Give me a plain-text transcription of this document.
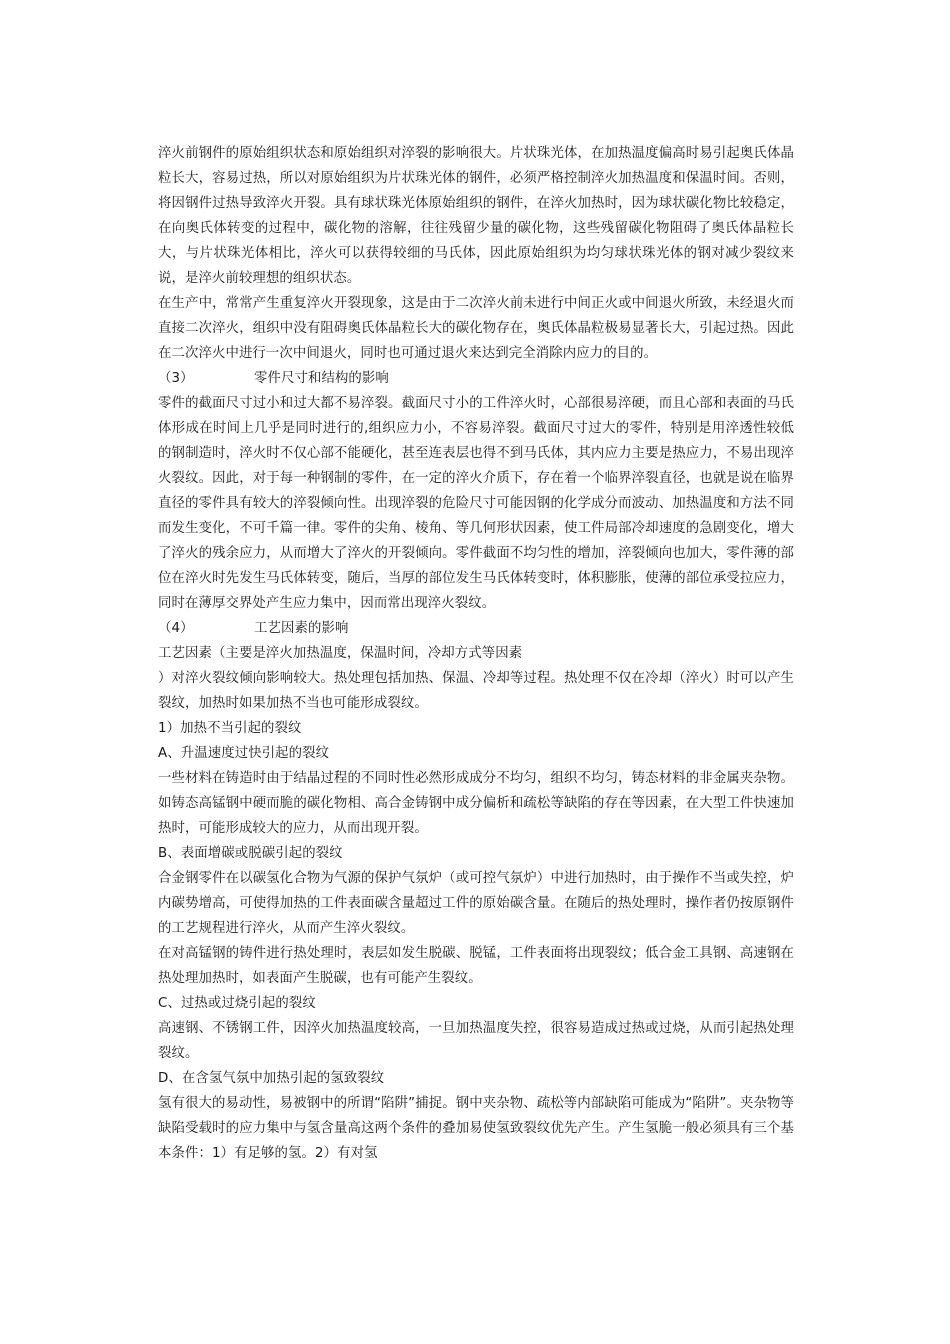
淬火前钢件的原始组织状态和原始组织对淬裂的影响很大。片状珠光体，在加热温度偏高时易引起奥氏体晶粒长大，容易过热，所以对原始组织为片状珠光体的钢件，必须严格控制淬火加热温度和保温时间。否则，将因钢件过热导致淬火开裂。具有球状珠光体原始组织的钢件，在淬火加热时，因为球状碳化物比较稳定，在向奥氏体转变的过程中，碳化物的溶解，往往残留少量的碳化物，这些残留碳化物阻碍了奥氏体晶粒长大，与片状珠光体相比，淬火可以获得较细的马氏体，因此原始组织为均匀球状珠光体的钢对减少裂纹来说，是淬火前较理想的组织状态。

在生产中，常常产生重复淬火开裂现象，这是由于二次淬火前未进行中间正火或中间退火所致，未经退火而直接二次淬火，组织中没有阻碍奥氏体晶粒长大的碳化物存在，奥氏体晶粒极易显著长大，引起过热。因此在二次淬火中进行一次中间退火，同时也可通过退火来达到完全消除内应力的目的。

（3）	零件尺寸和结构的影响

零件的截面尺寸过小和过大都不易淬裂。截面尺寸小的工件淬火时，心部很易淬硬，而且心部和表面的马氏体形成在时间上几乎是同时进行的,组织应力小，不容易淬裂。截面尺寸过大的零件，特别是用淬透性较低的钢制造时，淬火时不仅心部不能硬化，甚至连表层也得不到马氏体，其内应力主要是热应力，不易出现淬火裂纹。因此，对于每一种钢制的零件，在一定的淬火介质下，存在着一个临界淬裂直径，也就是说在临界直径的零件具有较大的淬裂倾向性。出现淬裂的危险尺寸可能因钢的化学成分而波动、加热温度和方法不同而发生变化，不可千篇一律。零件的尖角、棱角、等几何形状因素，使工件局部冷却速度的急剧变化，增大了淬火的残余应力，从而增大了淬火的开裂倾向。零件截面不均匀性的增加，淬裂倾向也加大，零件薄的部位在淬火时先发生马氏体转变，随后，当厚的部位发生马氏体转变时，体积膨胀，使薄的部位承受拉应力，同时在薄厚交界处产生应力集中，因而常出现淬火裂纹。

（4）	工艺因素的影响

工艺因素（主要是淬火加热温度，保温时间，冷却方式等因素

）对淬火裂纹倾向影响较大。热处理包括加热、保温、冷却等过程。热处理不仅在冷却（淬火）时可以产生裂纹，加热时如果加热不当也可能形成裂纹。

1）加热不当引起的裂纹

A、升温速度过快引起的裂纹

一些材料在铸造时由于结晶过程的不同时性必然形成成分不均匀，组织不均匀，铸态材料的非金属夹杂物。如铸态高锰钢中硬而脆的碳化物相、高合金铸钢中成分偏析和疏松等缺陷的存在等因素，在大型工件快速加热时，可能形成较大的应力，从而出现开裂。

B、表面增碳或脱碳引起的裂纹

合金钢零件在以碳氢化合物为气源的保护气氛炉（或可控气氛炉）中进行加热时，由于操作不当或失控，炉内碳势增高，可使得加热的工件表面碳含量超过工件的原始碳含量。在随后的热处理时，操作者仍按原钢件的工艺规程进行淬火，从而产生淬火裂纹。

在对高锰钢的铸件进行热处理时，表层如发生脱碳、脱锰，工件表面将出现裂纹；低合金工具钢、高速钢在热处理加热时，如表面产生脱碳，也有可能产生裂纹。

C、过热或过烧引起的裂纹

高速钢、不锈钢工件，因淬火加热温度较高，一旦加热温度失控，很容易造成过热或过烧，从而引起热处理裂纹。

D、在含氢气氛中加热引起的氢致裂纹

氢有很大的易动性，易被钢中的所谓“陷阱”捕捉。钢中夹杂物、疏松等内部缺陷可能成为“陷阱”。夹杂物等缺陷受载时的应力集中与氢含量高这两个条件的叠加易使氢致裂纹优先产生。产生氢脆一般必须具有三个基本条件：1）有足够的氢。2）有对氢
